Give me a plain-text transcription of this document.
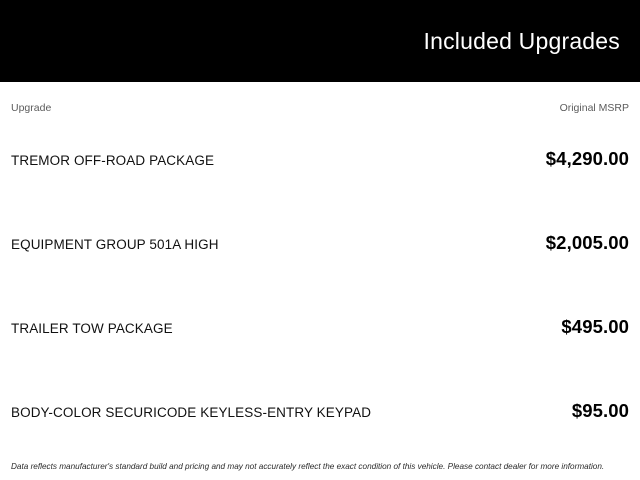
Included Upgrades
Upgrade	Original MSRP
TREMOR OFF-ROAD PACKAGE	$4,290.00
EQUIPMENT GROUP 501A HIGH	$2,005.00
TRAILER TOW PACKAGE	$495.00
BODY-COLOR SECURICODE KEYLESS-ENTRY KEYPAD	$95.00
Data reflects manufacturer's standard build and pricing and may not accurately reflect the exact condition of this vehicle. Please contact dealer for more information.
